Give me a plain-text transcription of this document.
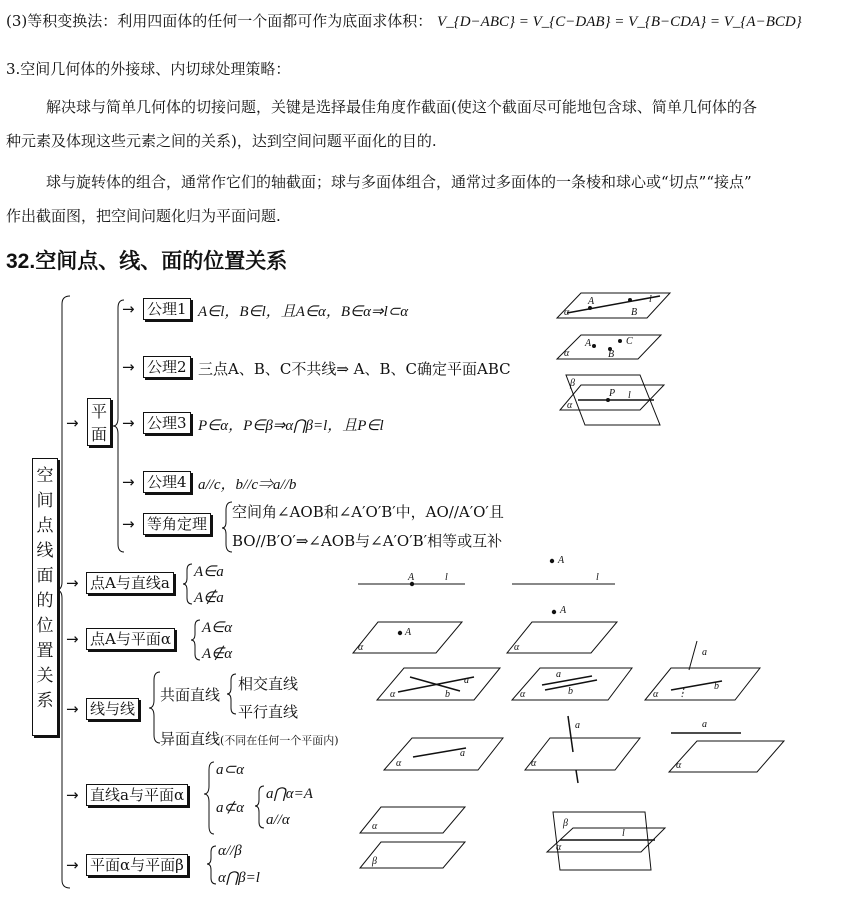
(3)等积变换法：利用四面体的任何一个面都可作为底面求体积： V_{D−ABC} = V_{C−DAB} = V_{B−CDA} = V_{A−BCD}
3.空间几何体的外接球、内切球处理策略：
解决球与简单几何体的切接问题，关键是选择最佳角度作截面(使这个截面尽可能地包含球、简单几何体的各
种元素及体现这些元素之间的关系)，达到空间问题平面化的目的.
球与旋转体的组合，通常作它们的轴截面；球与多面体组合，通常过多面体的一条棱和球心或“切点”“接点”
作出截面图，把空间问题化归为平面问题.
32.空间点、线、面的位置关系
空
间
点
线
面
的
位
置
关
系
→
平
面
→ 公理1 A∈l，B∈l，且A∈α，B∈α⇒l⊂α
→ 公理2 三点A、B、C不共线⇒ A、B、C确定平面ABC
→ 公理3 P∈α，P∈β⇒α⋂β=l，且P∈l
→ 公理4 a//c，b//c⇒a//b
→ 等角定理
空间角∠AOB和∠A′O′B′中，AO//A′O′且
BO//B′O′⇒∠AOB与∠A′O′B′相等或互补
→ 点A与直线a
A∈a
A∉a
→ 点A与平面α
A∈α
A∉α
→ 线与线
共面直线
相交直线
平行直线
异面直线(不同在任何一个平面内)
→ 直线a与平面α
a⊂α
a⊄α
a⋂α=A
a//α
→ 平面α与平面β
α//β
α⋂β=l
A
B
l
α
A
B
C
α
β
P l
α
A	l
A
l
A
α
A
α
a
b
α
a
b
α
a
b
α
a
α
a
α
a
α
α
β
β
l
α
